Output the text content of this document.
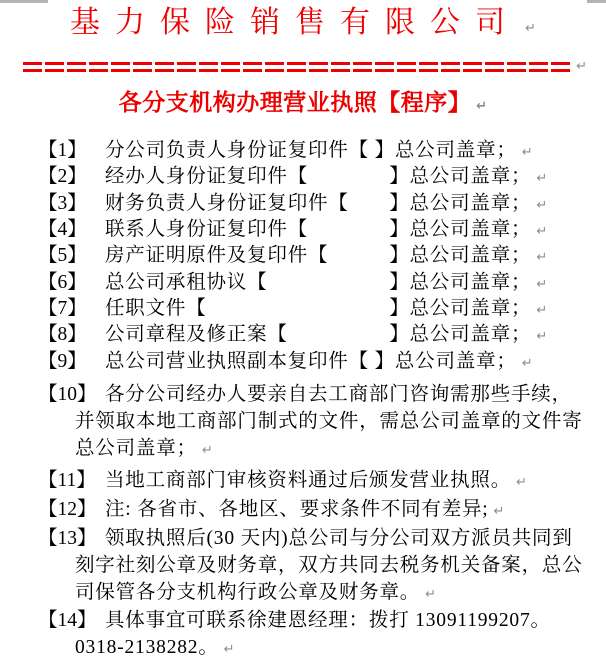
基力保险销售有限公司 ↵
↵
各分支机构办理营业执照【程序】 ↵
【1】 分公司负责人身份证复印件【 】总公司盖章； ↵
【2】 经办人身份证复印件【　　　　】总公司盖章； ↵
【3】 财务负责人身份证复印件【　　】总公司盖章； ↵
【4】 联系人身份证复印件【　　　　】总公司盖章； ↵
【5】 房产证明原件及复印件【　　　】总公司盖章； ↵
【6】 总公司承租协议【　　　　　　】总公司盖章； ↵
【7】 任职文件【　　　　　　　　　】总公司盖章； ↵
【8】 公司章程及修正案【　　　　　】总公司盖章； ↵
【9】 总公司营业执照副本复印件【 】总公司盖章； ↵
【10】 各分公司经办人要亲自去工商部门咨询需那些手续，
并领取本地工商部门制式的文件，需总公司盖章的文件寄
总公司盖章； ↵
【11】 当地工商部门审核资料通过后颁发营业执照。 ↵
【12】 注: 各省市、各地区、要求条件不同有差异; ↵
【13】 领取执照后(30 天内)总公司与分公司双方派员共同到
刻字社刻公章及财务章，双方共同去税务机关备案，总公
司保管各分支机构行政公章及财务章。 ↵
【14】 具体事宜可联系徐建恩经理：拨打 13091199207。
0318-2138282。 ↵
